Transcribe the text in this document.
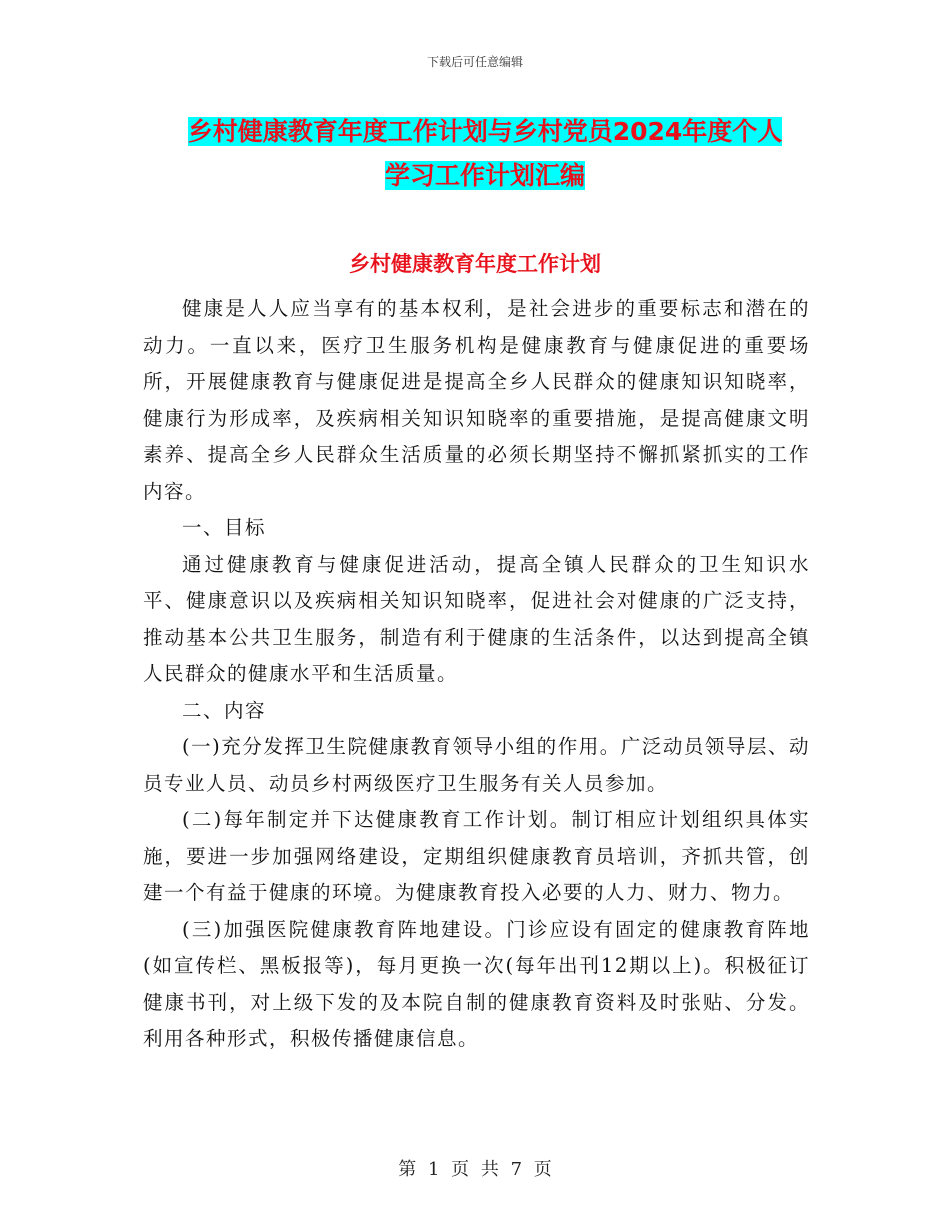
下载后可任意编辑
乡村健康教育年度工作计划与乡村党员2024年度个人
学习工作计划汇编
乡村健康教育年度工作计划

健康是人人应当享有的基本权利，是社会进步的重要标志和潜在的动力。一直以来，医疗卫生服务机构是健康教育与健康促进的重要场所，开展健康教育与健康促进是提高全乡人民群众的健康知识知晓率，健康行为形成率，及疾病相关知识知晓率的重要措施，是提高健康文明素养、提高全乡人民群众生活质量的必须长期坚持不懈抓紧抓实的工作内容。

一、目标

通过健康教育与健康促进活动，提高全镇人民群众的卫生知识水平、健康意识以及疾病相关知识知晓率，促进社会对健康的广泛支持，推动基本公共卫生服务，制造有利于健康的生活条件，以达到提高全镇人民群众的健康水平和生活质量。

二、内容

(一)充分发挥卫生院健康教育领导小组的作用。广泛动员领导层、动员专业人员、动员乡村两级医疗卫生服务有关人员参加。

(二)每年制定并下达健康教育工作计划。制订相应计划组织具体实施，要进一步加强网络建设，定期组织健康教育员培训，齐抓共管，创建一个有益于健康的环境。为健康教育投入必要的人力、财力、物力。

(三)加强医院健康教育阵地建设。门诊应设有固定的健康教育阵地(如宣传栏、黑板报等)，每月更换一次(每年出刊12期以上)。积极征订健康书刊，对上级下发的及本院自制的健康教育资料及时张贴、分发。利用各种形式，积极传播健康信息。

第 1 页 共 7 页
